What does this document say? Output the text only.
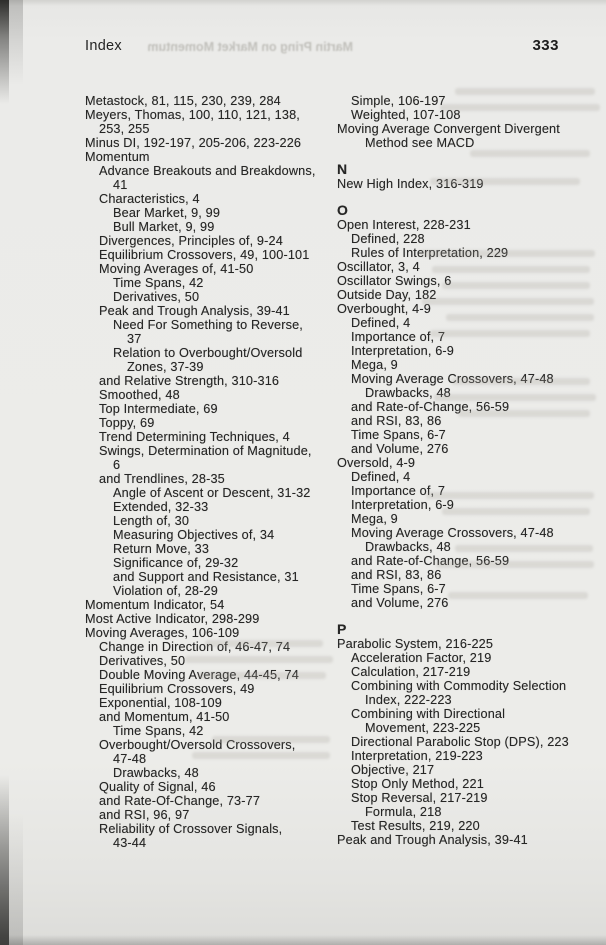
Martin Pring on Market Momentum
Index	333
Metastock, 81, 115, 230, 239, 284
Meyers, Thomas, 100, 110, 121, 138,
253, 255
Minus DI, 192-197, 205-206, 223-226
Momentum
Advance Breakouts and Breakdowns,
41
Characteristics, 4
Bear Market, 9, 99
Bull Market, 9, 99
Divergences, Principles of, 9-24
Equilibrium Crossovers, 49, 100-101
Moving Averages of, 41-50
Time Spans, 42
Derivatives, 50
Peak and Trough Analysis, 39-41
Need For Something to Reverse,
37
Relation to Overbought/Oversold
Zones, 37-39
and Relative Strength, 310-316
Smoothed, 48
Top Intermediate, 69
Toppy, 69
Trend Determining Techniques, 4
Swings, Determination of Magnitude,
6
and Trendlines, 28-35
Angle of Ascent or Descent, 31-32
Extended, 32-33
Length of, 30
Measuring Objectives of, 34
Return Move, 33
Significance of, 29-32
and Support and Resistance, 31
Violation of, 28-29
Momentum Indicator, 54
Most Active Indicator, 298-299
Moving Averages, 106-109
Change in Direction of, 46-47, 74
Derivatives, 50
Double Moving Average, 44-45, 74
Equilibrium Crossovers, 49
Exponential, 108-109
and Momentum, 41-50
Time Spans, 42
Overbought/Oversold Crossovers,
47-48
Drawbacks, 48
Quality of Signal, 46
and Rate-Of-Change, 73-77
and RSI, 96, 97
Reliability of Crossover Signals,
43-44
Simple, 106-197
Weighted, 107-108
Moving Average Convergent Divergent
Method see MACD
N
New High Index, 316-319
O
Open Interest, 228-231
Defined, 228
Rules of Interpretation, 229
Oscillator, 3, 4
Oscillator Swings, 6
Outside Day, 182
Overbought, 4-9
Defined, 4
Importance of, 7
Interpretation, 6-9
Mega, 9
Moving Average Crossovers, 47-48
Drawbacks, 48
and Rate-of-Change, 56-59
and RSI, 83, 86
Time Spans, 6-7
and Volume, 276
Oversold, 4-9
Defined, 4
Importance of, 7
Interpretation, 6-9
Mega, 9
Moving Average Crossovers, 47-48
Drawbacks, 48
and Rate-of-Change, 56-59
and RSI, 83, 86
Time Spans, 6-7
and Volume, 276
P
Parabolic System, 216-225
Acceleration Factor, 219
Calculation, 217-219
Combining with Commodity Selection
Index, 222-223
Combining with Directional
Movement, 223-225
Directional Parabolic Stop (DPS), 223
Interpretation, 219-223
Objective, 217
Stop Only Method, 221
Stop Reversal, 217-219
Formula, 218
Test Results, 219, 220
Peak and Trough Analysis, 39-41
